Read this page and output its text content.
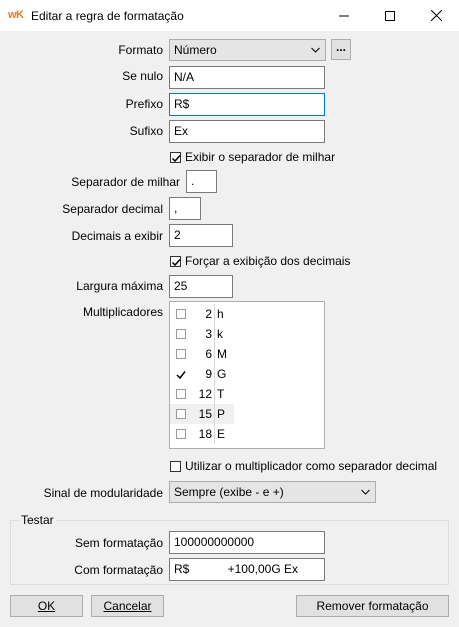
wK Editar a regra de formatação
Formato Número	...
Se nulo N/A
Prefixo R$
Sufixo Ex
Exibir o separador de milhar
Separador de milhar .
Separador decimal ,
Decimais a exibir 2
Forçar a exibição dos decimais
Largura máxima 25
Multiplicadores	2 h
3 k
6 M
9 G
12 T
15 P
18 E
Utilizar o multiplicador como separador decimal
Sinal de modularidade Sempre (exibe - e +)
Testar
Sem formatação 100000000000
Com formatação R$	+100,00G Ex
OK	Cancelar	Remover formatação
